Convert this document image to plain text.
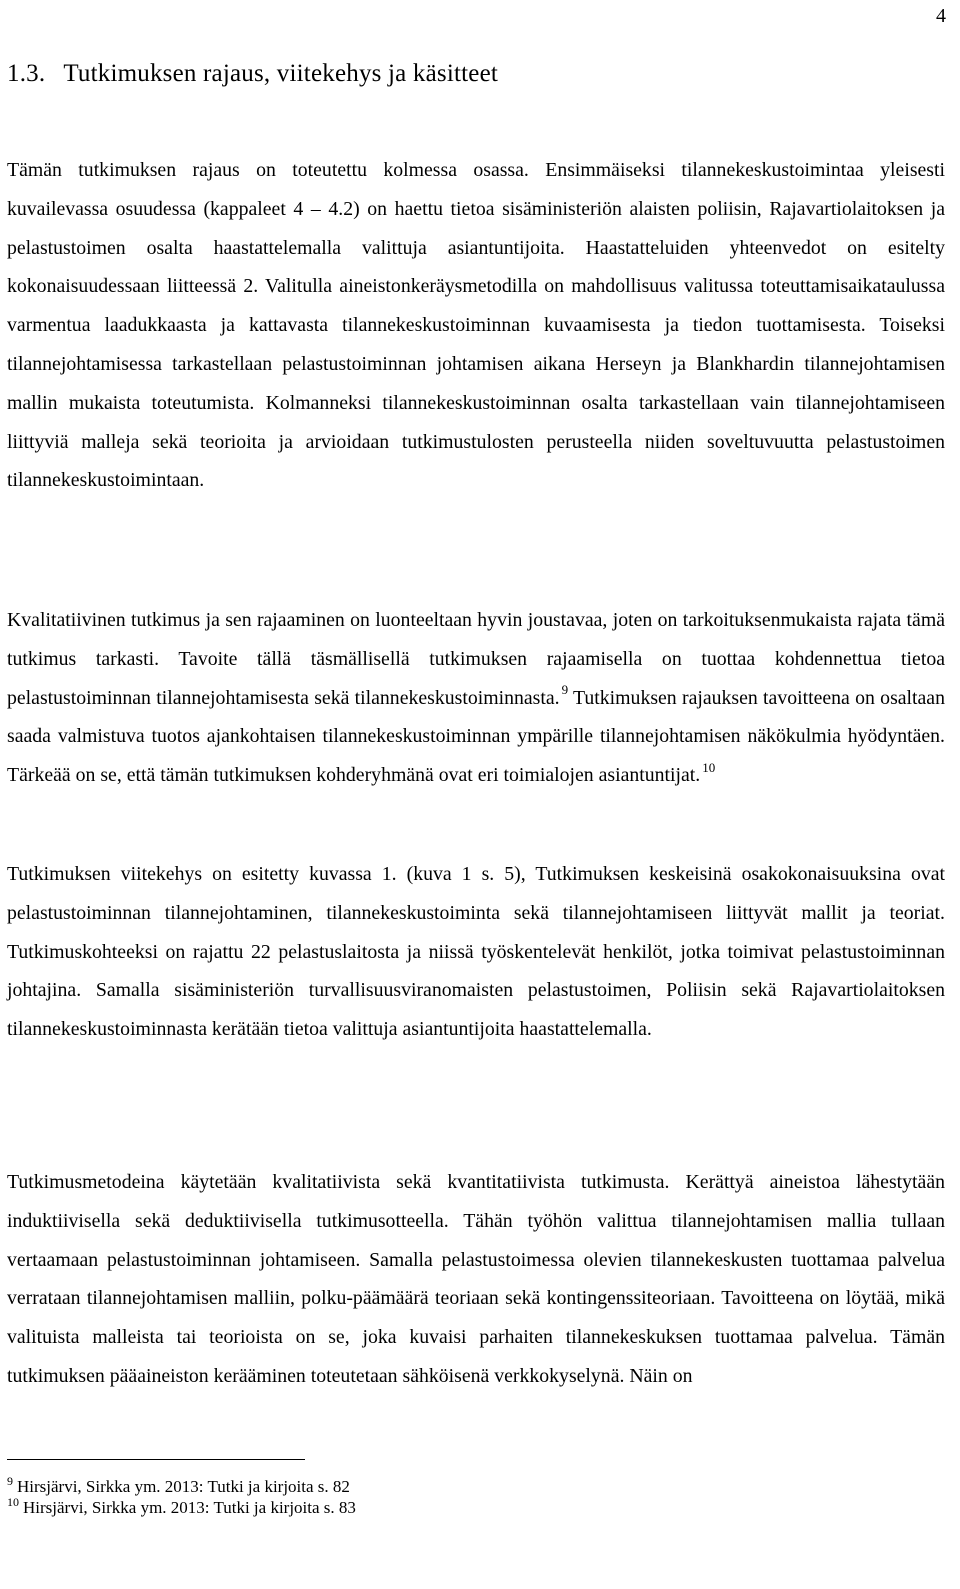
4
1.3. Tutkimuksen rajaus, viitekehys ja käsitteet

Tämän tutkimuksen rajaus on toteutettu kolmessa osassa. Ensimmäiseksi tilannekeskustoimintaa yleisesti kuvailevassa osuudessa (kappaleet 4 – 4.2) on haettu tietoa sisäministeriön alaisten poliisin, Rajavartiolaitoksen ja pelastustoimen osalta haastattelemalla valittuja asiantuntijoita. Haastatteluiden yhteenvedot on esitelty kokonaisuudessaan liitteessä 2. Valitulla aineistonkeräysmetodilla on mahdollisuus valitussa toteuttamisaikataulussa varmentua laadukkaasta ja kattavasta tilannekeskustoiminnan kuvaamisesta ja tiedon tuottamisesta. Toiseksi tilannejohtamisessa tarkastellaan pelastustoiminnan johtamisen aikana Herseyn ja Blankhardin tilannejohtamisen mallin mukaista toteutumista. Kolmanneksi tilannekeskustoiminnan osalta tarkastellaan vain tilannejohtamiseen liittyviä malleja sekä teorioita ja arvioidaan tutkimustulosten perusteella niiden soveltuvuutta pelastustoimen tilannekeskustoimintaan.

Kvalitatiivinen tutkimus ja sen rajaaminen on luonteeltaan hyvin joustavaa, joten on tarkoituksenmukaista rajata tämä tutkimus tarkasti. Tavoite tällä täsmällisellä tutkimuksen rajaamisella on tuottaa kohdennettua tietoa pelastustoiminnan tilannejohtamisesta sekä tilannekeskustoiminnasta. $^9$ Tutkimuksen rajauksen tavoitteena on osaltaan saada valmistuva tuotos ajankohtaisen tilannekeskustoiminnan ympärille tilannejohtamisen näkökulmia hyödyntäen. Tärkeää on se, että tämän tutkimuksen kohderyhmänä ovat eri toimialojen asiantuntijat. $^{10}$

Tutkimuksen viitekehys on esitetty kuvassa 1. (kuva 1 s. 5), Tutkimuksen keskeisinä osakokonaisuuksina ovat pelastustoiminnan tilannejohtaminen, tilannekeskustoiminta sekä tilannejohtamiseen liittyvät mallit ja teoriat. Tutkimuskohteeksi on rajattu 22 pelastuslaitosta ja niissä työskentelevät henkilöt, jotka toimivat pelastustoiminnan johtajina. Samalla sisäministeriön turvallisuusviranomaisten pelastustoimen, Poliisin sekä Rajavartiolaitoksen tilannekeskustoiminnasta kerätään tietoa valittuja asiantuntijoita haastattelemalla.

Tutkimusmetodeina käytetään kvalitatiivista sekä kvantitatiivista tutkimusta. Kerättyä aineistoa lähestytään induktiivisella sekä deduktiivisella tutkimusotteella. Tähän työhön valittua tilannejohtamisen mallia tullaan vertaamaan pelastustoiminnan johtamiseen. Samalla pelastustoimessa olevien tilannekeskusten tuottamaa palvelua verrataan tilannejohtamisen malliin, polku-päämäärä teoriaan sekä kontingenssiteoriaan. Tavoitteena on löytää, mikä valituista malleista tai teorioista on se, joka kuvaisi parhaiten tilannekeskuksen tuottamaa palvelua. Tämän tutkimuksen pääaineiston kerääminen toteutetaan sähköisenä verkkokyselynä. Näin on

$^9$ Hirsjärvi, Sirkka ym. 2013: Tutki ja kirjoita s. 82
$^{10}$ Hirsjärvi, Sirkka ym. 2013: Tutki ja kirjoita s. 83
